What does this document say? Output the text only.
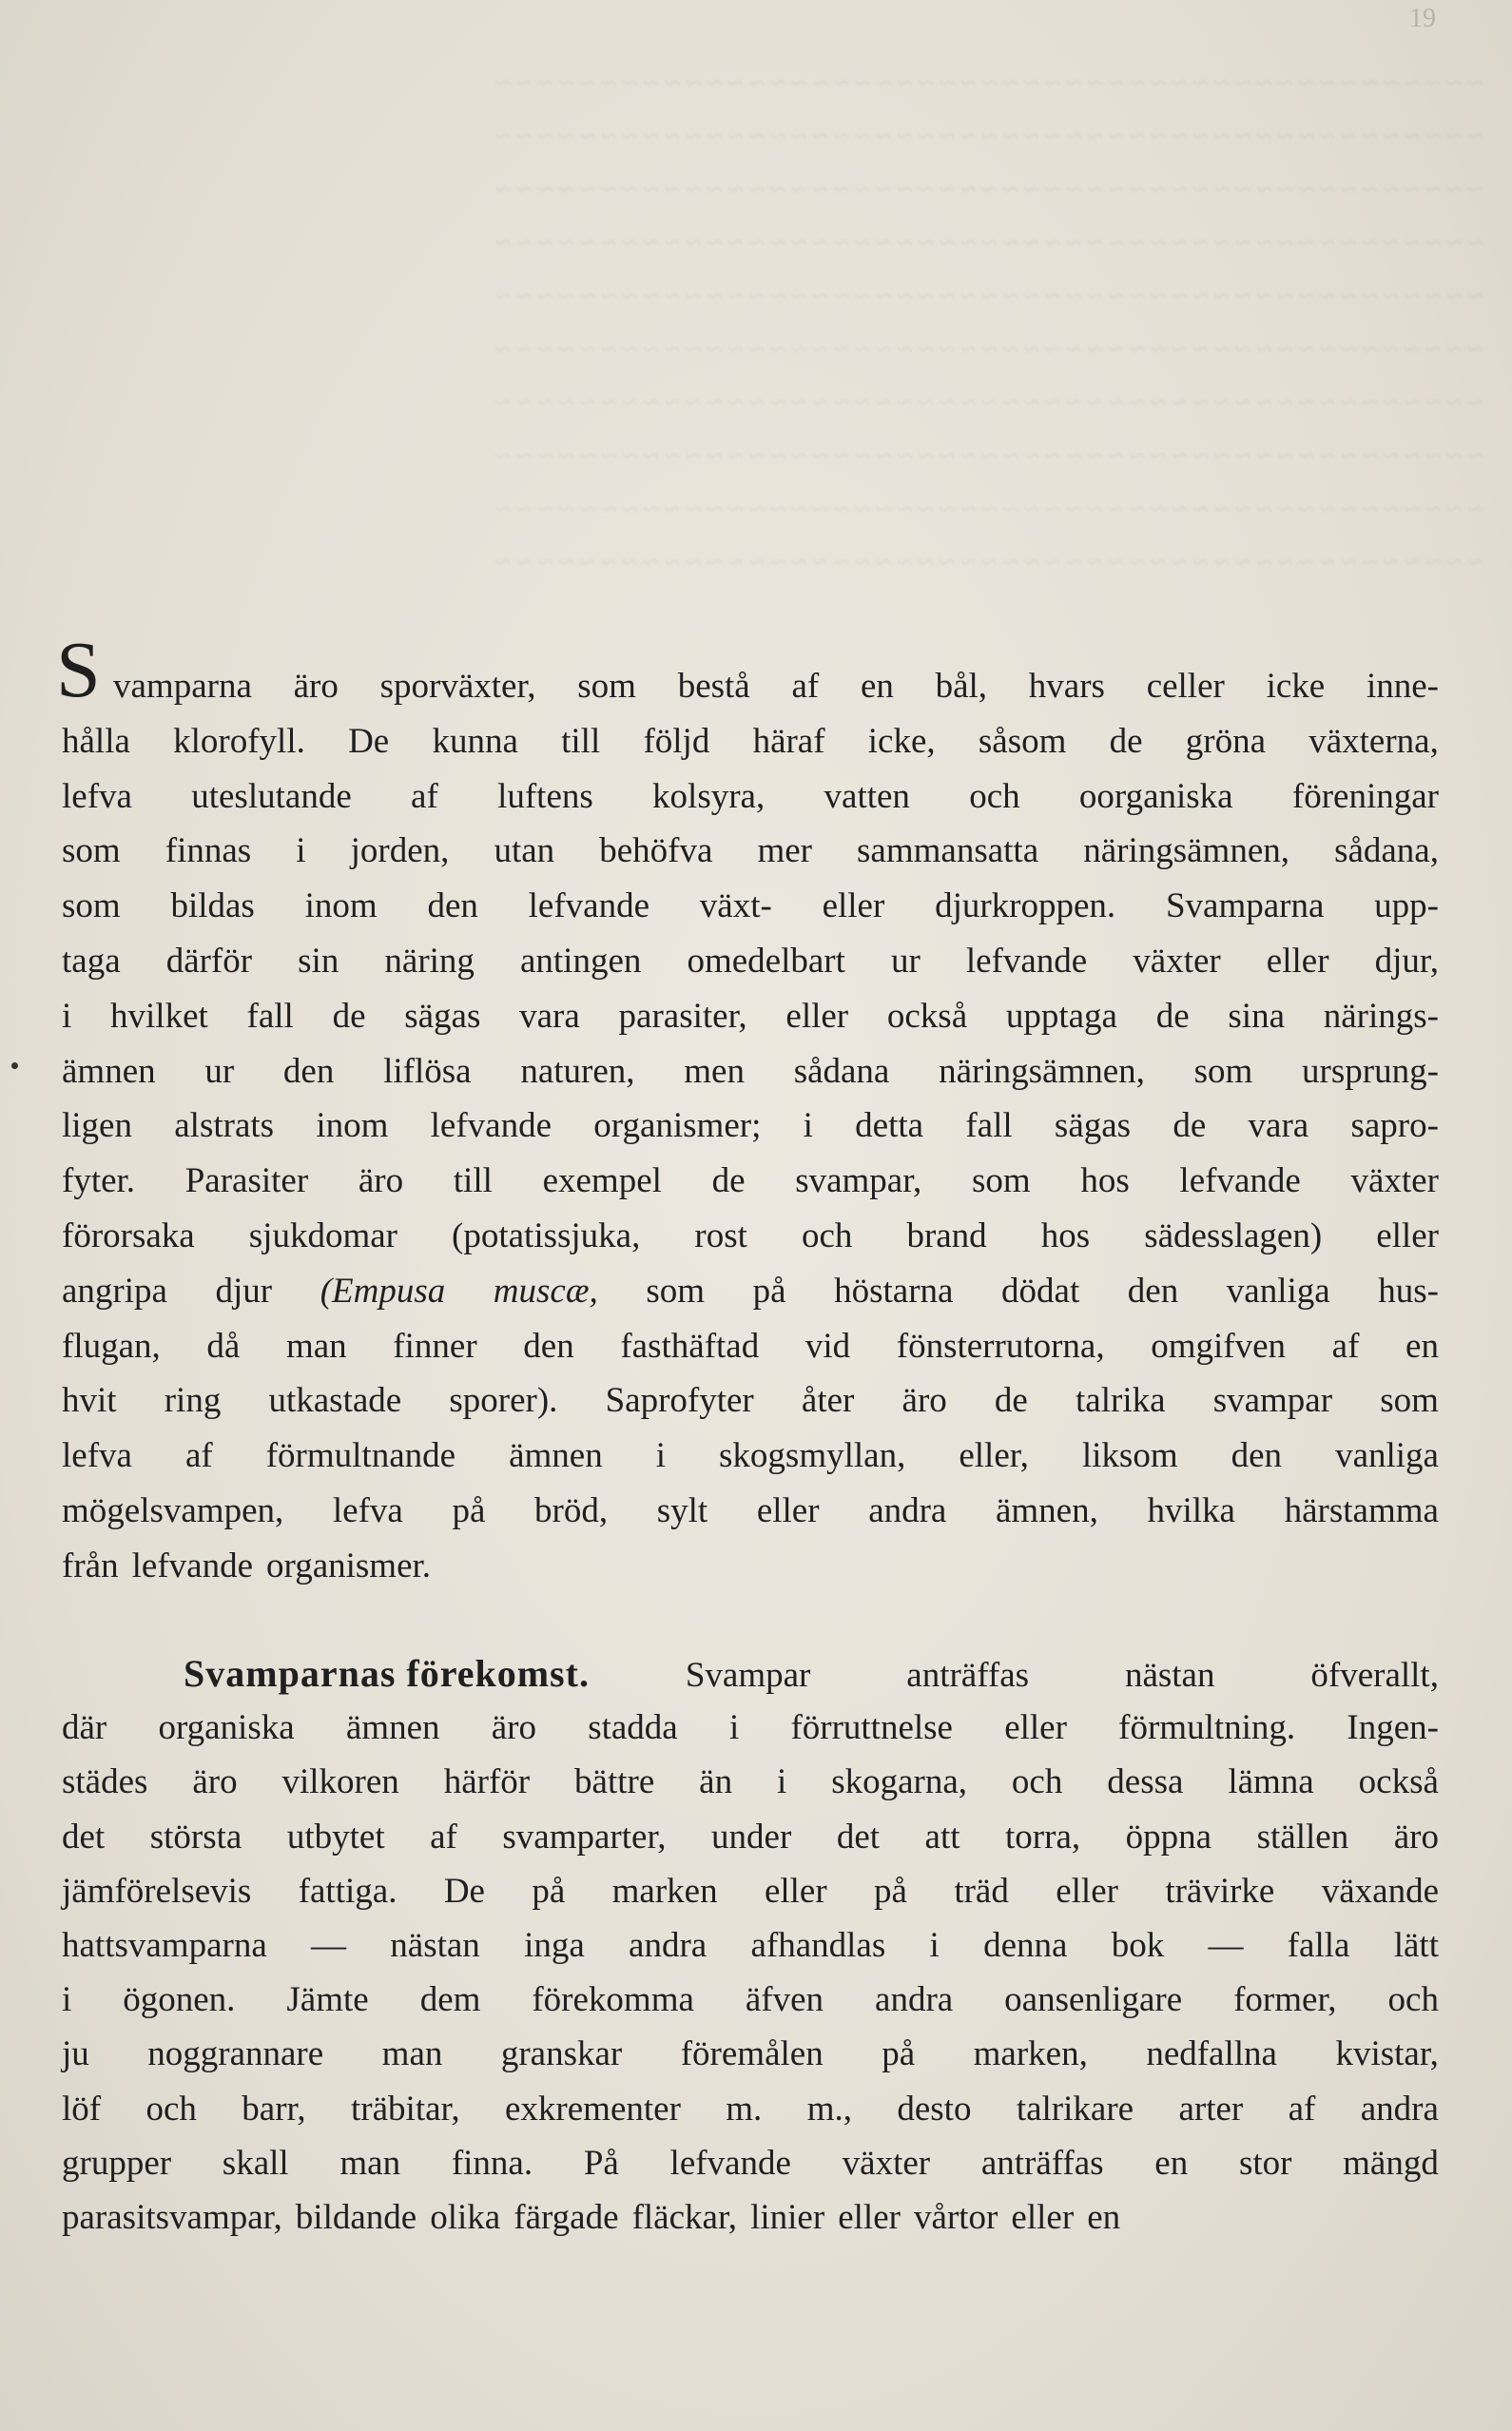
~~~~~~~~~~~~~~~~~~~~~~~~~~~~~~~~~~~~~~~~~~~~~~~
~~~~~~~~~~~~~~~~~~~~~~~~~~~~~~~~~~~~~~~~~~~~~~~
~~~~~~~~~~~~~~~~~~~~~~~~~~~~~~~~~~~~~~~~~~~~~~~
~~~~~~~~~~~~~~~~~~~~~~~~~~~~~~~~~~~~~~~~~~~~~~~
~~~~~~~~~~~~~~~~~~~~~~~~~~~~~~~~~~~~~~~~~~~~~~~
~~~~~~~~~~~~~~~~~~~~~~~~~~~~~~~~~~~~~~~~~~~~~~~
~~~~~~~~~~~~~~~~~~~~~~~~~~~~~~~~~~~~~~~~~~~~~~~
~~~~~~~~~~~~~~~~~~~~~~~~~~~~~~~~~~~~~~~~~~~~~~~
~~~~~~~~~~~~~~~~~~~~~~~~~~~~~~~~~~~~~~~~~~~~~~~
~~~~~~~~~~~~~~~~~~~~~~~~~~~~~~~~~~~~~~~~~~~~~~~
19
S vamparna äro sporväxter, som bestå af en bål, hvars celler icke inne-
hålla klorofyll. De kunna till följd häraf icke, såsom de gröna växterna,
lefva uteslutande af luftens kolsyra, vatten och oorganiska föreningar
som finnas i jorden, utan behöfva mer sammansatta näringsämnen, sådana,
som bildas inom den lefvande växt- eller djurkroppen. Svamparna upp-
taga därför sin näring antingen omedelbart ur lefvande växter eller djur,
i hvilket fall de sägas vara parasiter, eller också upptaga de sina närings-
ämnen ur den liflösa naturen, men sådana näringsämnen, som ursprung-
ligen alstrats inom lefvande organismer; i detta fall sägas de vara sapro-
fyter. Parasiter äro till exempel de svampar, som hos lefvande växter
förorsaka sjukdomar (potatissjuka, rost och brand hos sädesslagen) eller
angripa djur (Empusa muscæ, som på höstarna dödat den vanliga hus-
flugan, då man finner den fasthäftad vid fönsterrutorna, omgifven af en
hvit ring utkastade sporer). Saprofyter åter äro de talrika svampar som
lefva af förmultnande ämnen i skogsmyllan, eller, liksom den vanliga
mögelsvampen, lefva på bröd, sylt eller andra ämnen, hvilka härstamma
från lefvande organismer.
Svamparnas förekomst.	Svampar	anträffas	nästan	öfverallt,
där organiska ämnen äro stadda i förruttnelse eller förmultning. Ingen-
städes äro vilkoren härför bättre än i skogarna, och dessa lämna också
det största utbytet af svamparter, under det att torra, öppna ställen äro
jämförelsevis fattiga. De på marken eller på träd eller trävirke växande
hattsvamparna — nästan inga andra afhandlas i denna bok — falla lätt
i ögonen. Jämte dem förekomma äfven andra oansenligare former, och
ju noggrannare man granskar föremålen på marken, nedfallna kvistar,
löf och barr, träbitar, exkrementer m. m., desto talrikare arter af andra
grupper skall man finna. På lefvande växter anträffas en stor mängd
parasitsvampar, bildande olika färgade fläckar, linier eller vårtor eller en
